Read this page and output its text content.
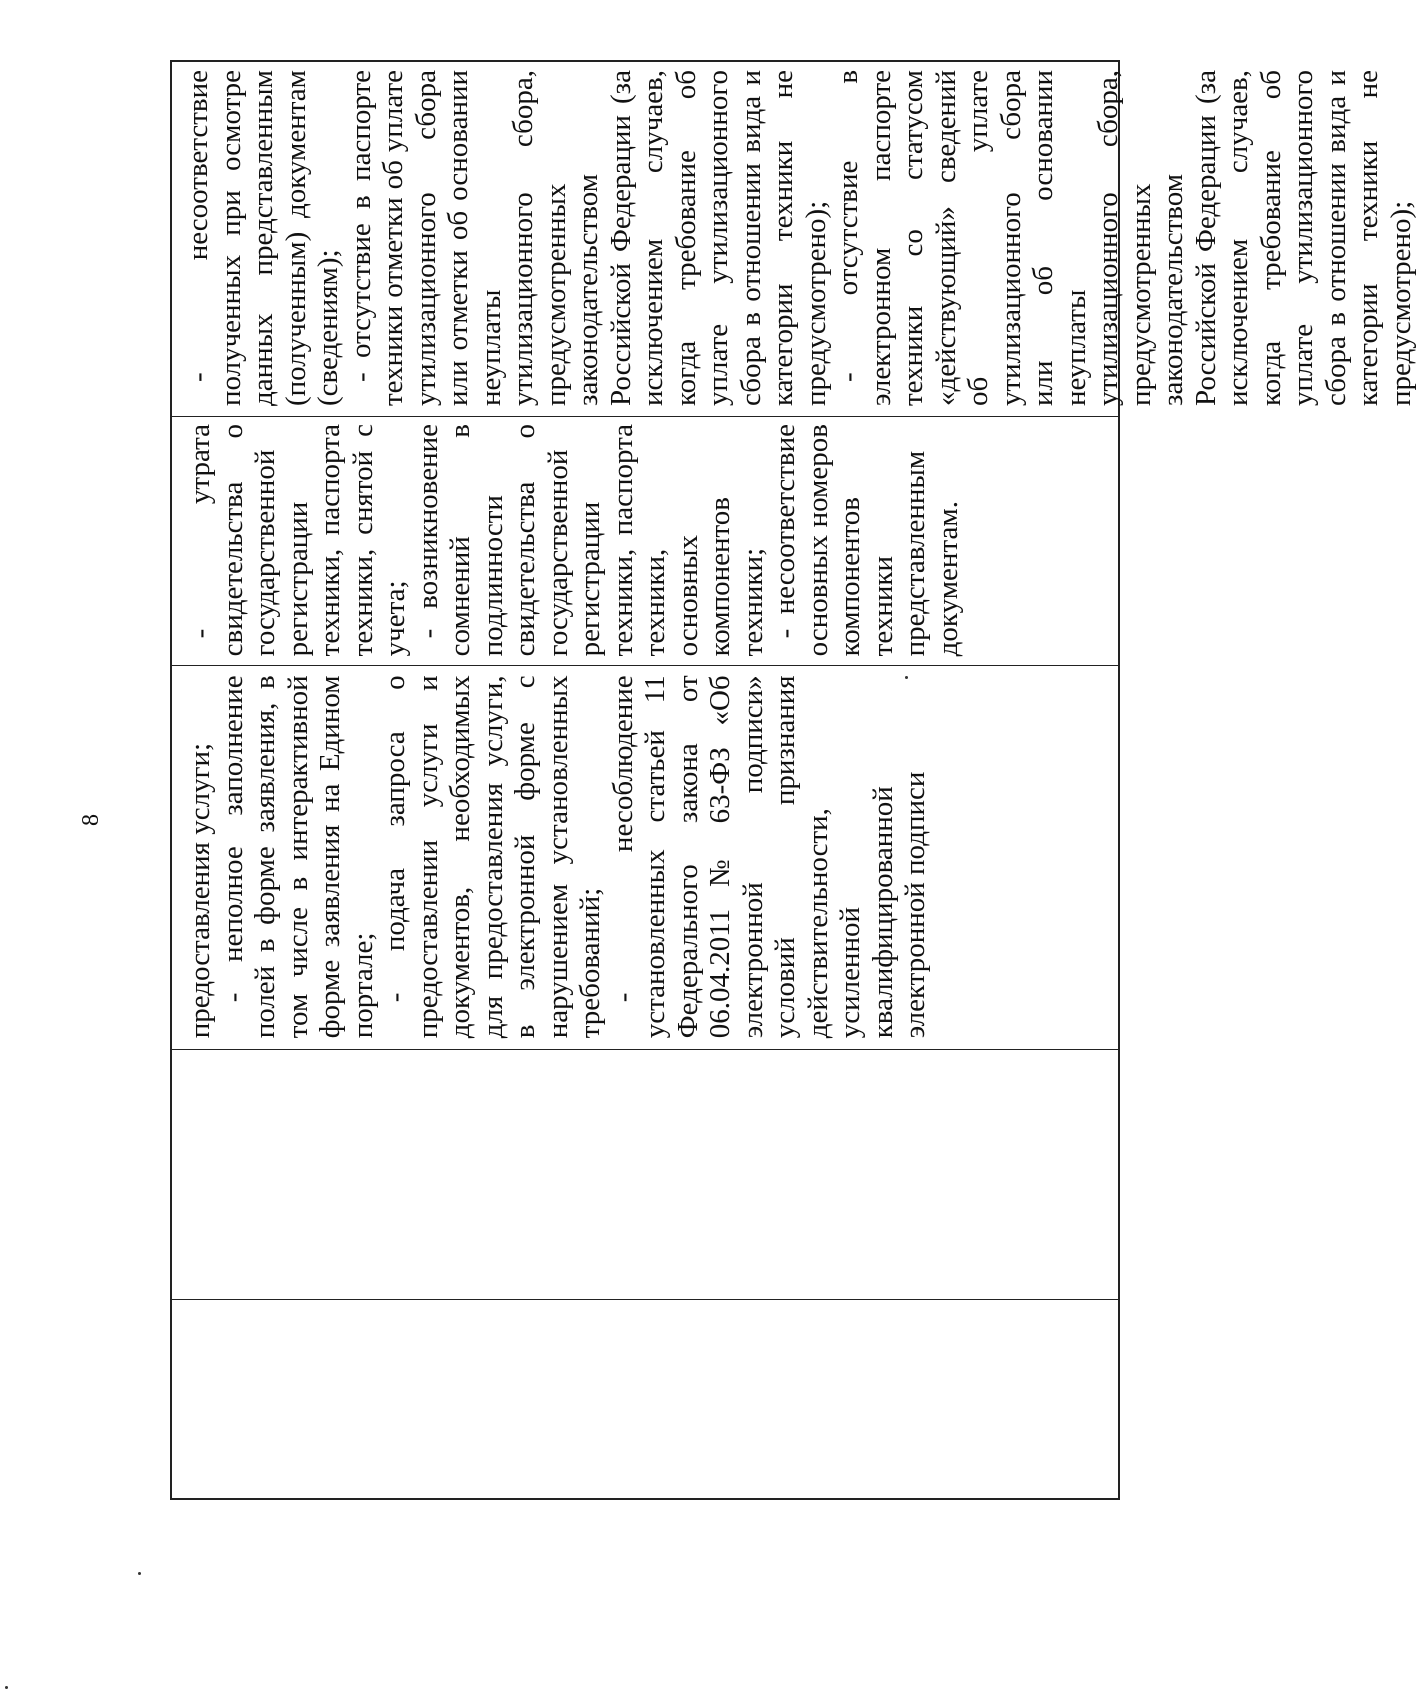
8	предоставления услуги; - неполное заполнение полей в форме заявления, в том числе в интерактивной форме заявления на Едином портале; - подача запроса о предоставлении услуги и документов, необходимых для предоставления услуги, в электронной форме с нарушением установленных требований; - несоблюдение установленных статьей 11 Федерального закона от 06.04.2011 № 63-ФЗ «Об электронной подписи» условий признания действительности, усиленной квалифицированной электронной подписи

- утрата свидетельства о государственной регистрации техники, паспорта техники, снятой с учета; - возникновение сомнений в подлинности свидетельства о государственной регистрации техники, паспорта техники, основных компонентов техники; - несоответствие основных номеров компонентов техники представленным документам.

- несоответствие полученных при осмотре данных представленным (полученным) документам (сведениям); - отсутствие в паспорте техники отметки об уплате утилизационного сбора или отметки об основании неуплаты утилизационного сбора, предусмотренных законодательством Российской Федерации (за исключением случаев, когда требование об уплате утилизационного сбора в отношении вида и категории техники не предусмотрено); - отсутствие в электронном паспорте техники со статусом «действующий» сведений об уплате утилизационного сбора или об основании неуплаты утилизационного сбора, предусмотренных законодательством Российской Федерации (за исключением случаев, когда требование об уплате утилизационного сбора в отношении вида и категории техники не предусмотрено);
